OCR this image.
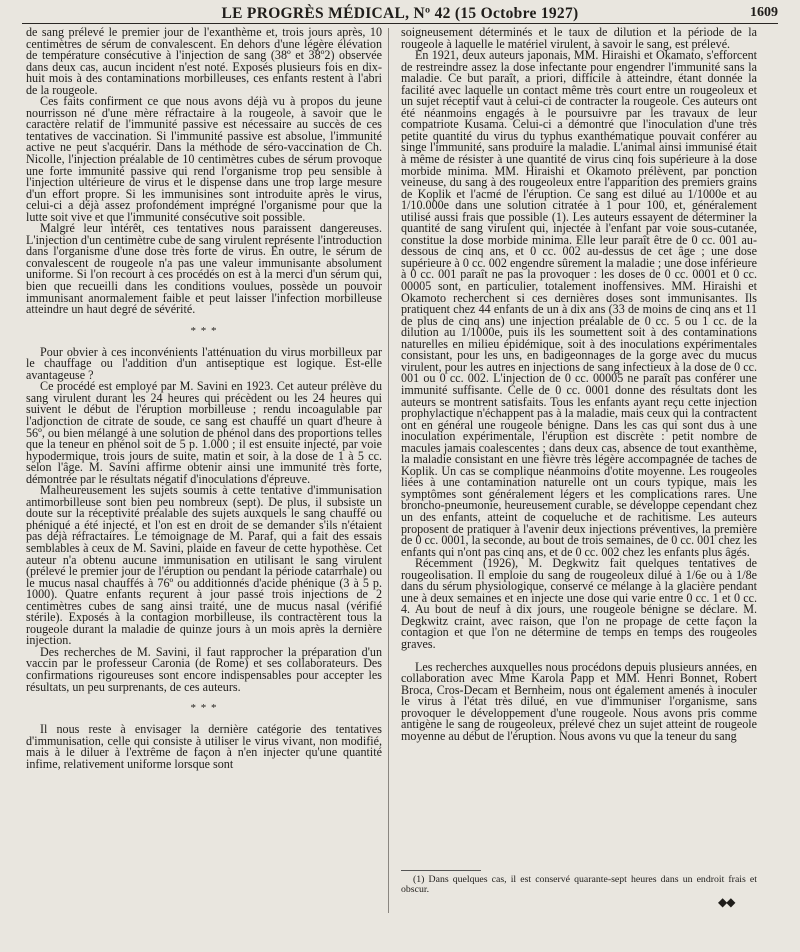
LE PROGRÈS MÉDICAL, Nº 42 (15 Octobre 1927)	1609

de sang prélevé le premier jour de l'exanthème et, trois jours après, 10 centimètres de sérum de convalescent. En dehors d'une légère élévation de température consécutive à l'injection de sang (38º et 38º2) observée dans deux cas, aucun incident n'est noté. Exposés plusieurs fois en dix-huit mois à des contaminations morbilleuses, ces enfants restent à l'abri de la rougeole.

Ces faits confirment ce que nous avons déjà vu à propos du jeune nourrisson né d'une mère réfractaire à la rougeole, à savoir que le caractère relatif de l'immunité passive est nécessaire au succès de ces tentatives de vaccination. Si l'immunité passive est absolue, l'immunité active ne peut s'acquérir. Dans la méthode de séro-vaccination de Ch. Nicolle, l'injection préalable de 10 centimètres cubes de sérum provoque une forte immunité passive qui rend l'organisme trop peu sensible à l'injection ultérieure de virus et le dispense dans une trop large mesure d'un effort propre. Si les immunisines sont introduite après le virus, celui-ci a déjà assez profondément imprégné l'organisme pour que la lutte soit vive et que l'immunité consécutive soit possible.

Malgré leur intérêt, ces tentatives nous paraissent dangereuses. L'injection d'un centimètre cube de sang virulent représente l'introduction dans l'organisme d'une dose très forte de virus. En outre, le sérum de convalescent de rougeole n'a pas une valeur immunisante absolument uniforme. Si l'on recourt à ces procédés on est à la merci d'un sérum qui, bien que recueilli dans les conditions voulues, possède un pouvoir immunisant anormalement faible et peut laisser l'infection morbilleuse atteindre un haut degré de sévérité.

* * *

Pour obvier à ces inconvénients l'atténuation du virus morbilleux par le chauffage ou l'addition d'un antiseptique est logique. Est-elle avantageuse ?

Ce procédé est employé par M. Savini en 1923. Cet auteur prélève du sang virulent durant les 24 heures qui précèdent ou les 24 heures qui suivent le début de l'éruption morbilleuse ; rendu incoagulable par l'adjonction de citrate de soude, ce sang est chauffé un quart d'heure à 56º, ou bien mélangé à une solution de phénol dans des proportions telles que la teneur en phénol soit de 5 p. 1.000 ; il est ensuite injecté, par voie hypodermique, trois jours de suite, matin et soir, à la dose de 1 à 5 cc. selon l'âge. M. Savini affirme obtenir ainsi une immunité très forte, démontrée par le résultats négatif d'inoculations d'épreuve.

Malheureusement les sujets soumis à cette tentative d'immunisation antimorbilleuse sont bien peu nombreux (sept). De plus, il subsiste un doute sur la réceptivité préalable des sujets auxquels le sang chauffé ou phéniqué a été injecté, et l'on est en droit de se demander s'ils n'étaient pas déjà réfractaires. Le témoignage de M. Paraf, qui a fait des essais semblables à ceux de M. Savini, plaide en faveur de cette hypothèse. Cet auteur n'a obtenu aucune immunisation en utilisant le sang virulent (prélevé le premier jour de l'éruption ou pendant la période catarrhale) ou le mucus nasal chauffés à 76º ou additionnés d'acide phénique (3 à 5 p. 1000). Quatre enfants reçurent à jour passé trois injections de 2 centimètres cubes de sang ainsi traité, une de mucus nasal (vérifié stérile). Exposés à la contagion morbilleuse, ils contractèrent tous la rougeole durant la maladie de quinze jours à un mois après la dernière injection.

Des recherches de M. Savini, il faut rapprocher la préparation d'un vaccin par le professeur Caronia (de Rome) et ses collaborateurs. Des confirmations rigoureuses sont encore indispensables pour accepter les résultats, un peu surprenants, de ces auteurs.

* * *

Il nous reste à envisager la dernière catégorie des tentatives d'immunisation, celle qui consiste à utiliser le virus vivant, non modifié, mais à le diluer à l'extrême de façon à n'en injecter qu'une quantité infime, relativement uniforme lorsque sont

soigneusement déterminés et le taux de dilution et la période de la rougeole à laquelle le matériel virulent, à savoir le sang, est prélevé.

En 1921, deux auteurs japonais, MM. Hiraishi et Okamato, s'efforcent de restreindre assez la dose infectante pour engendrer l'immunité sans la maladie. Ce but paraît, a priori, difficile à atteindre, étant donnée la facilité avec laquelle un contact même très court entre un rougeoleux et un sujet réceptif vaut à celui-ci de contracter la rougeole. Ces auteurs ont été néanmoins engagés à le poursuivre par les travaux de leur compatriote Kusama. Celui-ci a démontré que l'inoculation d'une très petite quantité du virus du typhus exanthématique pouvait conférer au singe l'immunité, sans produire la maladie. L'animal ainsi immunisé était à même de résister à une quantité de virus cinq fois supérieure à la dose morbide minima. MM. Hiraishi et Okamoto prélèvent, par ponction veineuse, du sang à des rougeoleux entre l'apparition des premiers grains de Koplik et l'acmé de l'éruption. Ce sang est dilué au 1/1000e et au 1/10.000e dans une solution citratée à 1 pour 100, et, généralement utilisé aussi frais que possible (1). Les auteurs essayent de déterminer la quantité de sang virulent qui, injectée à l'enfant par voie sous-cutanée, constitue la dose morbide minima. Elle leur paraît être de 0 cc. 001 au-dessous de cinq ans, et 0 cc. 002 au-dessus de cet âge ; une dose supérieure à 0 cc. 002 engendre sûrement la maladie ; une dose inférieure à 0 cc. 001 paraît ne pas la provoquer : les doses de 0 cc. 0001 et 0 cc. 00005 sont, en particulier, totalement inoffensives. MM. Hiraishi et Okamoto recherchent si ces dernières doses sont immunisantes. Ils pratiquent chez 44 enfants de un à dix ans (33 de moins de cinq ans et 11 de plus de cinq ans) une injection préalable de 0 cc. 5 ou 1 cc. de la dilution au 1/1000e, puis ils les soumettent soit à des contaminations naturelles en milieu épidémique, soit à des inoculations expérimentales consistant, pour les uns, en badigeonnages de la gorge avec du mucus virulent, pour les autres en injections de sang infectieux à la dose de 0 cc. 001 ou 0 cc. 002. L'injection de 0 cc. 00005 ne paraît pas conférer une immunité suffisante. Celle de 0 cc. 0001 donne des résultats dont les auteurs se montrent satisfaits. Tous les enfants ayant reçu cette injection prophylactique n'échappent pas à la maladie, mais ceux qui la contractent ont en général une rougeole bénigne. Dans les cas qui sont dus à une inoculation expérimentale, l'éruption est discrète : petit nombre de macules jamais coalescentes ; dans deux cas, absence de tout exanthème, la maladie consistant en une fièvre très légère accompagnée de taches de Koplik. Un cas se complique néanmoins d'otite moyenne. Les rougeoles liées à une contamination naturelle ont un cours typique, mais les symptômes sont généralement légers et les complications rares. Une broncho-pneumonie, heureusement curable, se développe cependant chez un des enfants, atteint de coqueluche et de rachitisme. Les auteurs proposent de pratiquer à l'avenir deux injections préventives, la première de 0 cc. 0001, la seconde, au bout de trois semaines, de 0 cc. 001 chez les enfants qui n'ont pas cinq ans, et de 0 cc. 002 chez les enfants plus âgés.

Récemment (1926), M. Degkwitz fait quelques tentatives de rougeolisation. Il emploie du sang de rougeoleux dilué à 1/6e ou à 1/8e dans du sérum physiologique, conservé ce mélange à la glacière pendant une à deux semaines et en injecte une dose qui varie entre 0 cc. 1 et 0 cc. 4. Au bout de neuf à dix jours, une rougeole bénigne se déclare. M. Degkwitz craint, avec raison, que l'on ne propage de cette façon la contagion et que l'on ne détermine de temps en temps des rougeoles graves.

Les recherches auxquelles nous procédons depuis plusieurs années, en collaboration avec Mme Karola Papp et MM. Henri Bonnet, Robert Broca, Cros-Decam et Bernheim, nous ont également amenés à inoculer le virus à l'état très dilué, en vue d'immuniser l'organisme, sans provoquer le développement d'une rougeole. Nous avons pris comme antigène le sang de rougeoleux, prélevé chez un sujet atteint de rougeole moyenne au début de l'éruption. Nous avons vu que la teneur du sang

(1) Dans quelques cas, il est conservé quarante-sept heures dans un endroit frais et obscur.
◆◆
